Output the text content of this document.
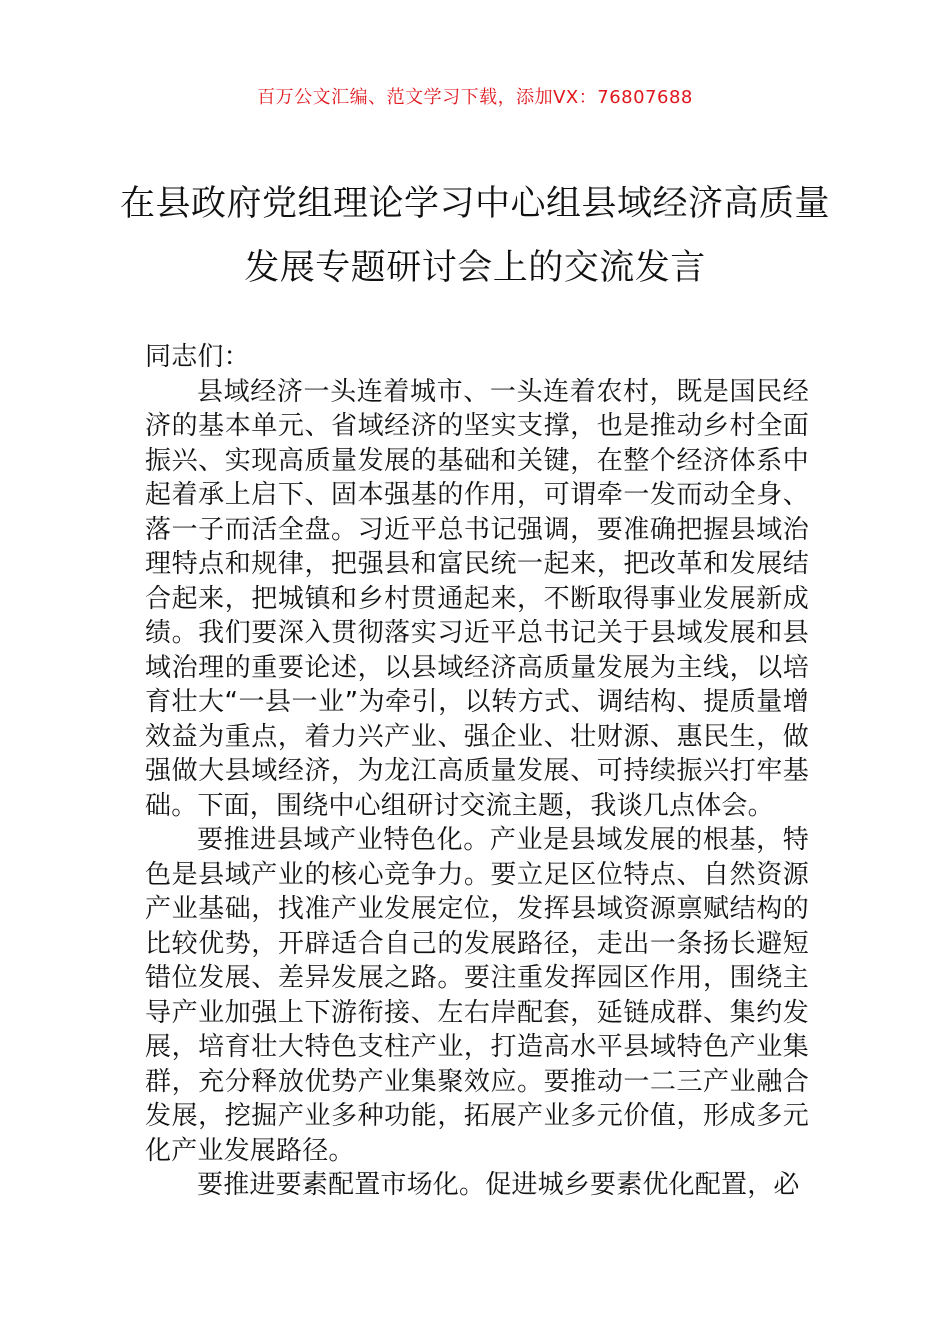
百万公文汇编、范文学习下载，添加VX：76807688
在县政府党组理论学习中心组县域经济高质量发展专题研讨会上的交流发言

同志们：

县域经济一头连着城市、一头连着农村，既是国民经济的基本单元、省域经济的坚实支撑，也是推动乡村全面振兴、实现高质量发展的基础和关键，在整个经济体系中起着承上启下、固本强基的作用，可谓牵一发而动全身、落一子而活全盘。习近平总书记强调，要准确把握县域治理特点和规律，把强县和富民统一起来，把改革和发展结合起来，把城镇和乡村贯通起来，不断取得事业发展新成绩。我们要深入贯彻落实习近平总书记关于县域发展和县域治理的重要论述，以县域经济高质量发展为主线，以培育壮大“一县一业”为牵引，以转方式、调结构、提质量增效益为重点，着力兴产业、强企业、壮财源、惠民生，做强做大县域经济，为龙江高质量发展、可持续振兴打牢基础。下面，围绕中心组研讨交流主题，我谈几点体会。

要推进县域产业特色化。产业是县域发展的根基，特色是县域产业的核心竞争力。要立足区位特点、自然资源产业基础，找准产业发展定位，发挥县域资源禀赋结构的比较优势，开辟适合自己的发展路径，走出一条扬长避短错位发展、差异发展之路。要注重发挥园区作用，围绕主导产业加强上下游衔接、左右岸配套，延链成群、集约发展，培育壮大特色支柱产业，打造高水平县域特色产业集群，充分释放优势产业集聚效应。要推动一二三产业融合发展，挖掘产业多种功能，拓展产业多元价值，形成多元化产业发展路径。

要推进要素配置市场化。促进城乡要素优化配置，必
